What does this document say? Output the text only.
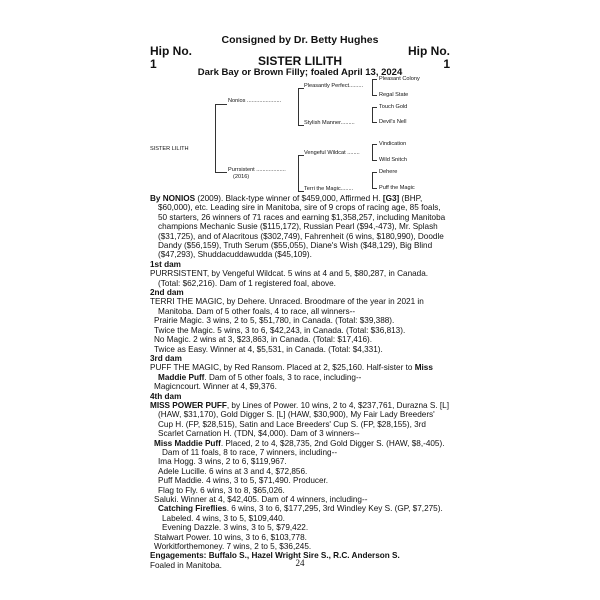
Consigned by Dr. Betty Hughes
Hip No.
1
Hip No.
1
SISTER LILITH
Dark Bay or Brown Filly; foaled April 13, 2024
SISTER LILITH
Nonios ......................
Purrsistent ...................
(2016)
Pleasantly Perfect.........
Stylish Manner.........
Vengeful Wildcat ........
Terri the Magic........
Pleasant Colony
Regal State
Touch Gold
Devil's Nell
Vindication
Wild Snitch
Dehere
Puff the Magic

By NONIOS (2009). Black-type winner of $459,000, Affirmed H. [G3] (BHP, $60,000), etc. Leading sire in Manitoba, sire of 9 crops of racing age, 85 foals, 50 starters, 26 winners of 71 races and earning $1,358,257, including Manitoba champions Mechanic Susie ($115,172), Russian Pearl ($94,-473), Mr. Splash ($31,725), and of Alacritous ($302,749), Fahrenheit (6 wins, $180,990), Doodle Dandy ($56,159), Truth Serum ($55,055), Diane's Wish ($48,129), Big Blind ($47,293), Shuddacuddawudda ($45,109).

1st dam

PURRSISTENT, by Vengeful Wildcat. 5 wins at 4 and 5, $80,287, in Canada. (Total: $62,216). Dam of 1 registered foal, above.

2nd dam

TERRI THE MAGIC, by Dehere. Unraced. Broodmare of the year in 2021 in Manitoba. Dam of 5 other foals, 4 to race, all winners--

Prairie Magic. 3 wins, 2 to 5, $51,780, in Canada. (Total: $39,388).

Twice the Magic. 5 wins, 3 to 6, $42,243, in Canada. (Total: $36,813).

No Magic. 2 wins at 3, $23,863, in Canada. (Total: $17,416).

Twice as Easy. Winner at 4, $5,531, in Canada. (Total: $4,331).

3rd dam

PUFF THE MAGIC, by Red Ransom. Placed at 2, $25,160. Half-sister to Miss Maddie Puff. Dam of 5 other foals, 3 to race, including--

Magicncourt. Winner at 4, $9,376.

4th dam

MISS POWER PUFF, by Lines of Power. 10 wins, 2 to 4, $237,761, Durazna S. [L] (HAW, $31,170), Gold Digger S. [L] (HAW, $30,900), My Fair Lady Breeders' Cup H. (FP, $28,515), Satin and Lace Breeders' Cup S. (FP, $28,155), 3rd Scarlet Carnation H. (TDN, $4,000). Dam of 3 winners--

Miss Maddie Puff. Placed, 2 to 4, $28,735, 2nd Gold Digger S. (HAW, $8,-405). Dam of 11 foals, 8 to race, 7 winners, including--

Ima Hogg. 3 wins, 2 to 6, $119,967.

Adele Lucille. 6 wins at 3 and 4, $72,856.

Puff Maddie. 4 wins, 3 to 5, $71,490. Producer.

Flag to Fly. 6 wins, 3 to 8, $65,026.

Saluki. Winner at 4, $42,405. Dam of 4 winners, including--

Catching Fireflies. 6 wins, 3 to 6, $177,295, 3rd Windley Key S. (GP, $7,275).

Labeled. 4 wins, 3 to 5, $109,440.

Evening Dazzle. 3 wins, 3 to 5, $79,422.

Stalwart Power. 10 wins, 3 to 6, $103,778.

Workitforthemoney. 7 wins, 2 to 5, $36,245.

Engagements: Buffalo S., Hazel Wright Sire S., R.C. Anderson S.

Foaled in Manitoba.	24
